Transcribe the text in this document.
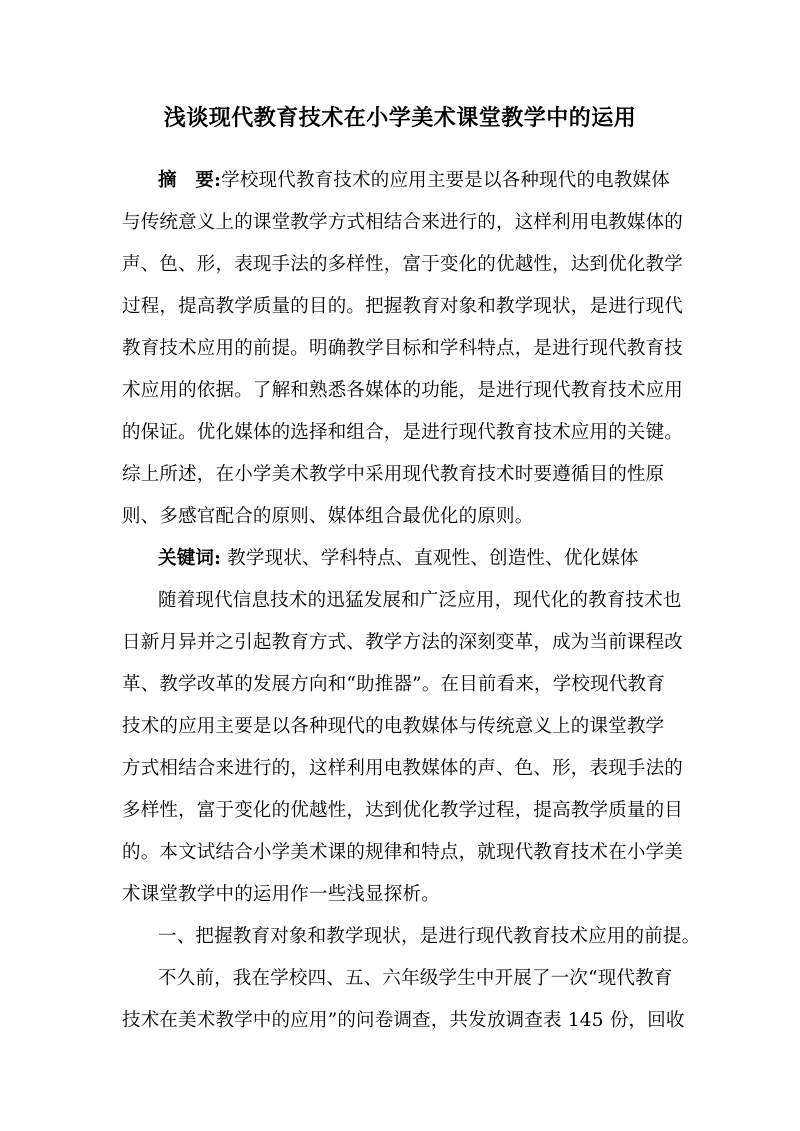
浅谈现代教育技术在小学美术课堂教学中的运用
摘　要:学校现代教育技术的应用主要是以各种现代的电教媒体
与传统意义上的课堂教学方式相结合来进行的，这样利用电教媒体的
声、色、形，表现手法的多样性，富于变化的优越性，达到优化教学
过程，提高教学质量的目的。把握教育对象和教学现状，是进行现代
教育技术应用的前提。明确教学目标和学科特点，是进行现代教育技
术应用的依据。了解和熟悉各媒体的功能，是进行现代教育技术应用
的保证。优化媒体的选择和组合，是进行现代教育技术应用的关键。
综上所述，在小学美术教学中采用现代教育技术时要遵循目的性原
则、多感官配合的原则、媒体组合最优化的原则。
关键词: 教学现状、学科特点、直观性、创造性、优化媒体
随着现代信息技术的迅猛发展和广泛应用，现代化的教育技术也
日新月异并之引起教育方式、教学方法的深刻变革，成为当前课程改
革、教学改革的发展方向和“助推器”。在目前看来，学校现代教育
技术的应用主要是以各种现代的电教媒体与传统意义上的课堂教学
方式相结合来进行的，这样利用电教媒体的声、色、形，表现手法的
多样性，富于变化的优越性，达到优化教学过程，提高教学质量的目
的。本文试结合小学美术课的规律和特点，就现代教育技术在小学美
术课堂教学中的运用作一些浅显探析。
一、把握教育对象和教学现状，是进行现代教育技术应用的前提。
不久前，我在学校四、五、六年级学生中开展了一次“现代教育
技术在美术教学中的应用”的问卷调查，共发放调查表 145 份，回收
